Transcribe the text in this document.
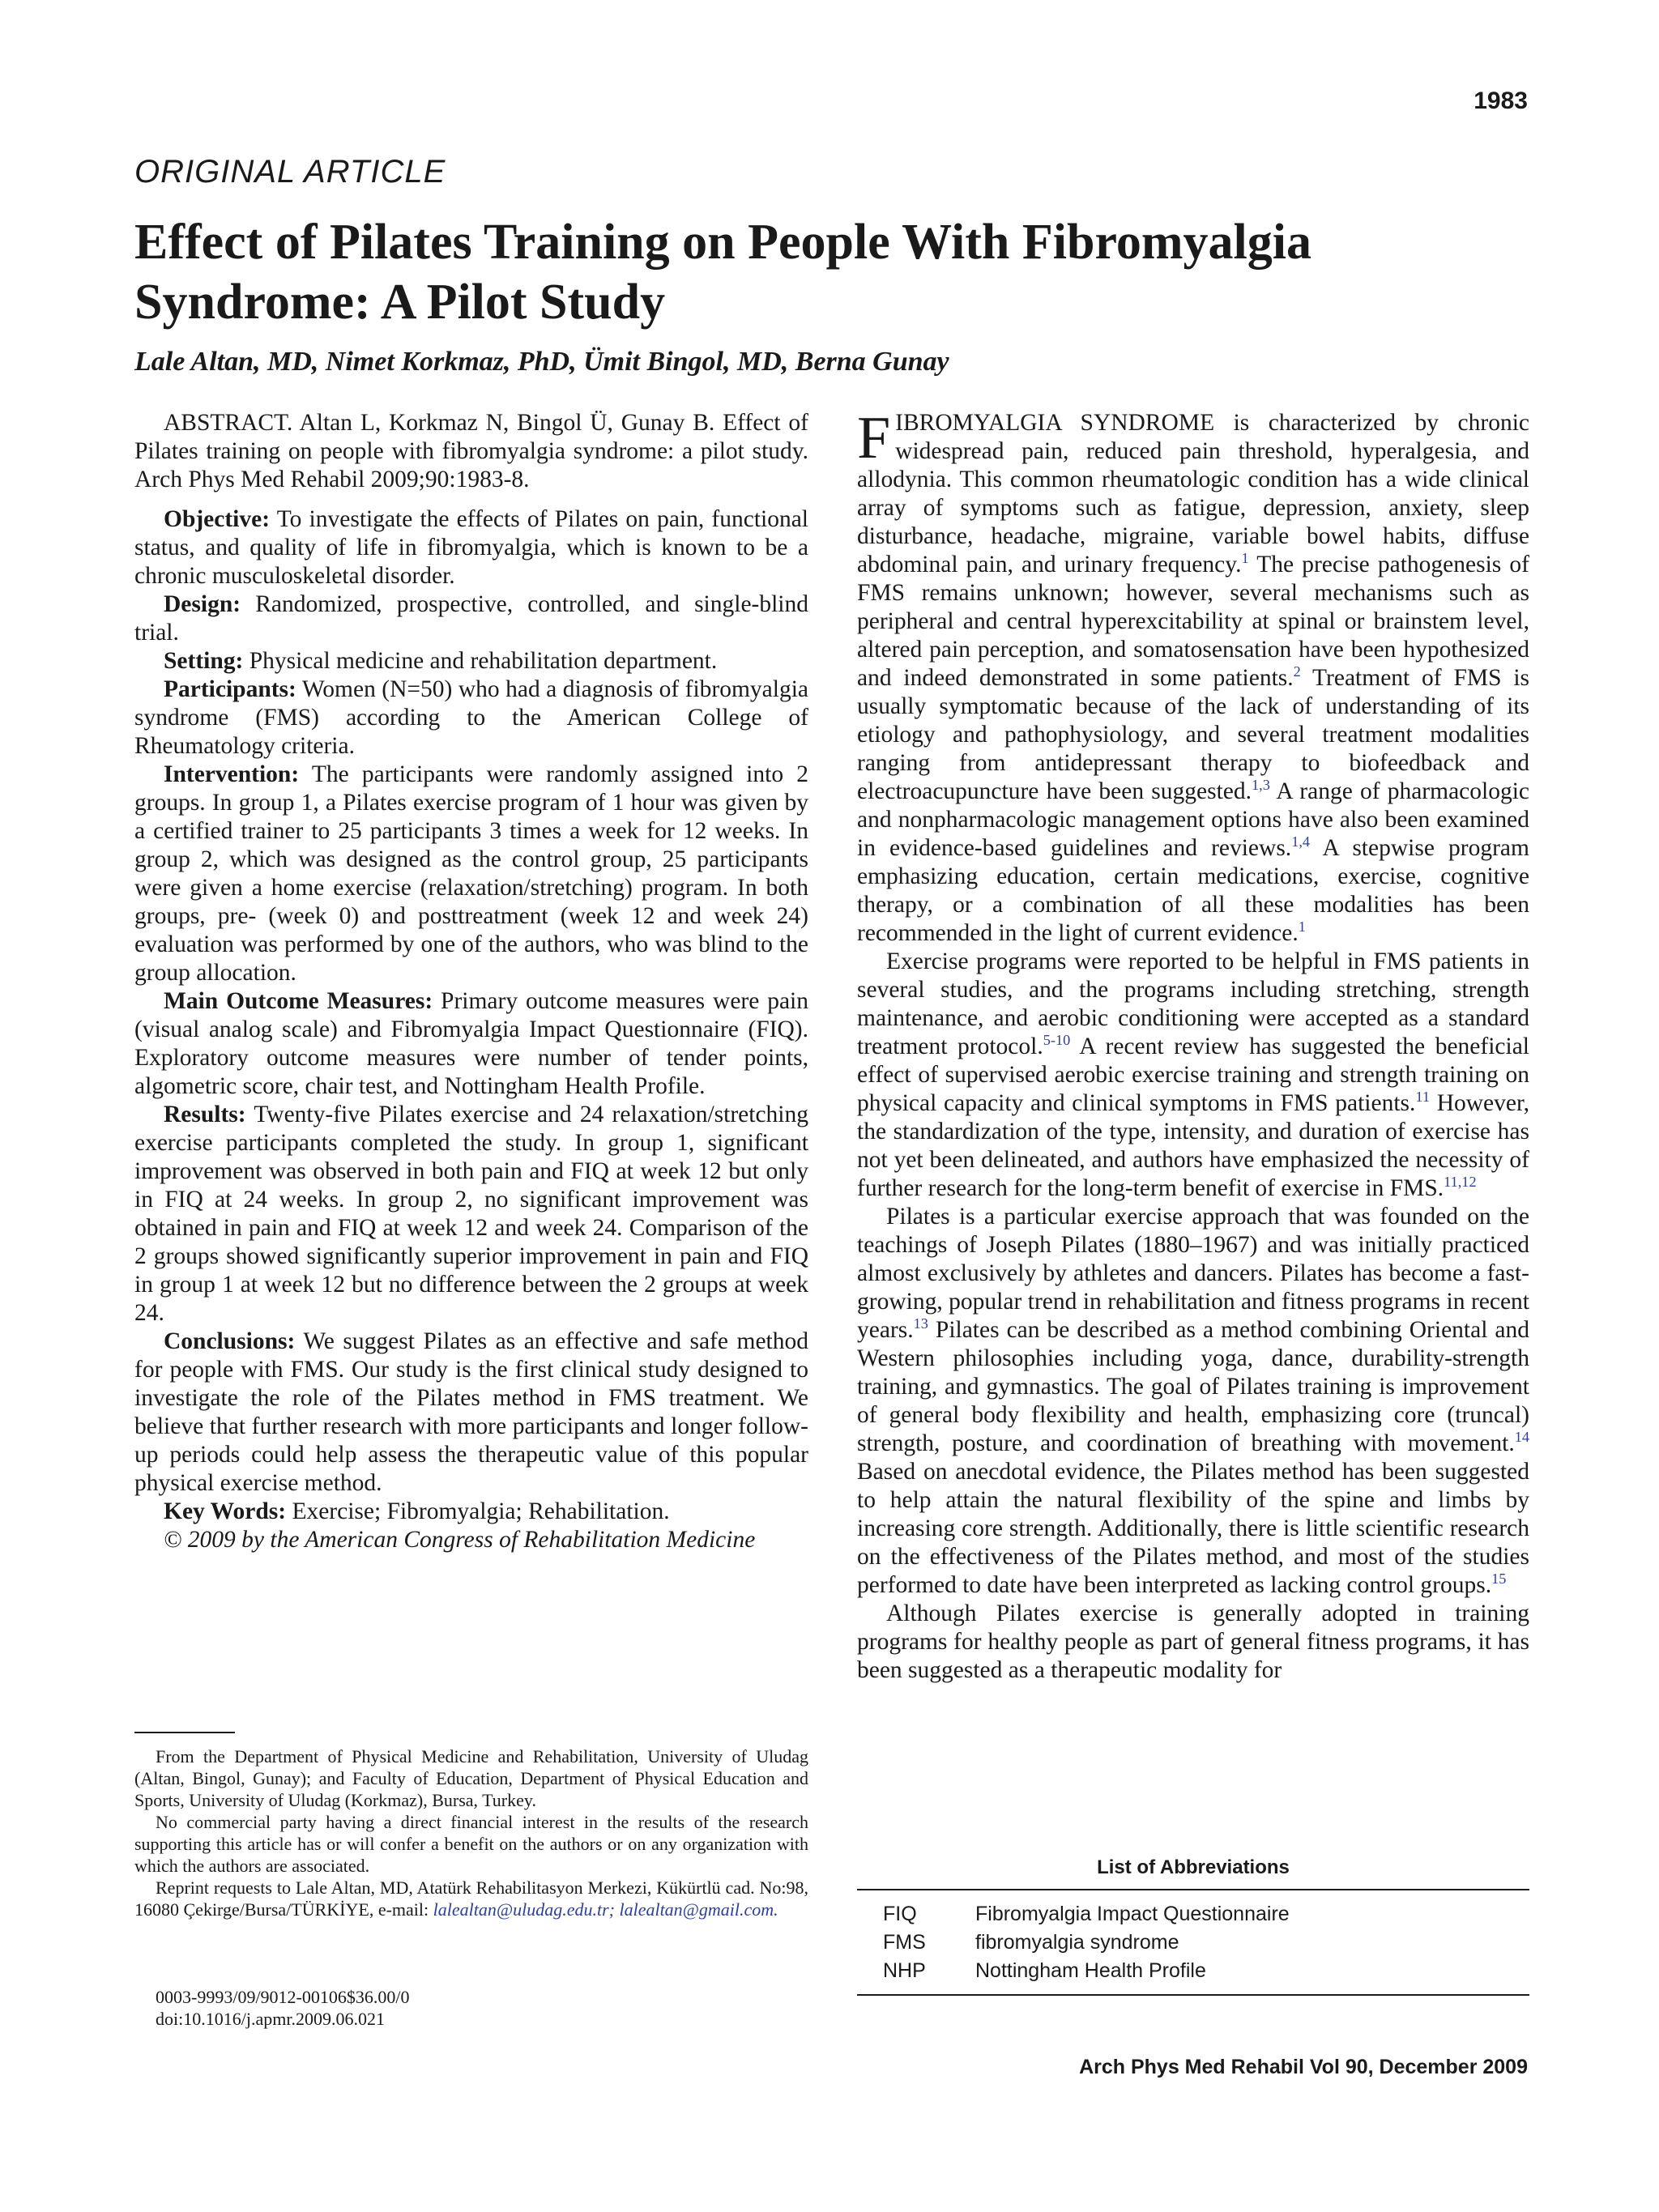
1983
ORIGINAL ARTICLE
Effect of Pilates Training on People With Fibromyalgia
Syndrome: A Pilot Study
Lale Altan, MD, Nimet Korkmaz, PhD, Ümit Bingol, MD, Berna Gunay

ABSTRACT. Altan L, Korkmaz N, Bingol Ü, Gunay B. Effect of Pilates training on people with fibromyalgia syndrome: a pilot study. Arch Phys Med Rehabil 2009;90:1983-8.

Objective: To investigate the effects of Pilates on pain, functional status, and quality of life in fibromyalgia, which is known to be a chronic musculoskeletal disorder.

Design: Randomized, prospective, controlled, and single-blind trial.

Setting: Physical medicine and rehabilitation department.

Participants: Women (N=50) who had a diagnosis of fibromyalgia syndrome (FMS) according to the American College of Rheumatology criteria.

Intervention: The participants were randomly assigned into 2 groups. In group 1, a Pilates exercise program of 1 hour was given by a certified trainer to 25 participants 3 times a week for 12 weeks. In group 2, which was designed as the control group, 25 participants were given a home exercise (relaxation/stretching) program. In both groups, pre- (week 0) and posttreatment (week 12 and week 24) evaluation was performed by one of the authors, who was blind to the group allocation.

Main Outcome Measures: Primary outcome measures were pain (visual analog scale) and Fibromyalgia Impact Questionnaire (FIQ). Exploratory outcome measures were number of tender points, algometric score, chair test, and Nottingham Health Profile.

Results: Twenty-five Pilates exercise and 24 relaxation/stretching exercise participants completed the study. In group 1, significant improvement was observed in both pain and FIQ at week 12 but only in FIQ at 24 weeks. In group 2, no significant improvement was obtained in pain and FIQ at week 12 and week 24. Comparison of the 2 groups showed significantly superior improvement in pain and FIQ in group 1 at week 12 but no difference between the 2 groups at week 24.

Conclusions: We suggest Pilates as an effective and safe method for people with FMS. Our study is the first clinical study designed to investigate the role of the Pilates method in FMS treatment. We believe that further research with more participants and longer follow-up periods could help assess the therapeutic value of this popular physical exercise method.

Key Words: Exercise; Fibromyalgia; Rehabilitation.

© 2009 by the American Congress of Rehabilitation Medicine

From the Department of Physical Medicine and Rehabilitation, University of Uludag (Altan, Bingol, Gunay); and Faculty of Education, Department of Physical Education and Sports, University of Uludag (Korkmaz), Bursa, Turkey.

No commercial party having a direct financial interest in the results of the research supporting this article has or will confer a benefit on the authors or on any organization with which the authors are associated.

Reprint requests to Lale Altan, MD, Atatürk Rehabilitasyon Merkezi, Kükürtlü cad. No:98, 16080 Çekirge/Bursa/TÜRKİYE, e-mail: lalealtan@uludag.edu.tr; lalealtan@gmail.com.

0003-9993/09/9012-00106$36.00/0
doi:10.1016/j.apmr.2009.06.021

FIBROMYALGIA SYNDROME is characterized by chronic widespread pain, reduced pain threshold, hyperalgesia, and allodynia. This common rheumatologic condition has a wide clinical array of symptoms such as fatigue, depression, anxiety, sleep disturbance, headache, migraine, variable bowel habits, diffuse abdominal pain, and urinary frequency.$^1$ The precise pathogenesis of FMS remains unknown; however, several mechanisms such as peripheral and central hyperexcitability at spinal or brainstem level, altered pain perception, and somatosensation have been hypothesized and indeed demonstrated in some patients.$^2$ Treatment of FMS is usually symptomatic because of the lack of understanding of its etiology and pathophysiology, and several treatment modalities ranging from antidepressant therapy to biofeedback and electroacupuncture have been suggested.$^{1,3}$ A range of pharmacologic and nonpharmacologic management options have also been examined in evidence-based guidelines and reviews.$^{1,4}$ A stepwise program emphasizing education, certain medications, exercise, cognitive therapy, or a combination of all these modalities has been recommended in the light of current evidence.$^1$

Exercise programs were reported to be helpful in FMS patients in several studies, and the programs including stretching, strength maintenance, and aerobic conditioning were accepted as a standard treatment protocol.$^{5-10}$ A recent review has suggested the beneficial effect of supervised aerobic exercise training and strength training on physical capacity and clinical symptoms in FMS patients.$^{11}$ However, the standardization of the type, intensity, and duration of exercise has not yet been delineated, and authors have emphasized the necessity of further research for the long-term benefit of exercise in FMS.$^{11,12}$

Pilates is a particular exercise approach that was founded on the teachings of Joseph Pilates (1880–1967) and was initially practiced almost exclusively by athletes and dancers. Pilates has become a fast-growing, popular trend in rehabilitation and fitness programs in recent years.$^{13}$ Pilates can be described as a method combining Oriental and Western philosophies including yoga, dance, durability-strength training, and gymnastics. The goal of Pilates training is improvement of general body flexibility and health, emphasizing core (truncal) strength, posture, and coordination of breathing with movement.$^{14}$ Based on anecdotal evidence, the Pilates method has been suggested to help attain the natural flexibility of the spine and limbs by increasing core strength. Additionally, there is little scientific research on the effectiveness of the Pilates method, and most of the studies performed to date have been interpreted as lacking control groups.$^{15}$

Although Pilates exercise is generally adopted in training programs for healthy people as part of general fitness programs, it has been suggested as a therapeutic modality for

List of Abbreviations
FIQ	Fibromyalgia Impact Questionnaire
FMS	fibromyalgia syndrome
NHP	Nottingham Health Profile
Arch Phys Med Rehabil Vol 90, December 2009
